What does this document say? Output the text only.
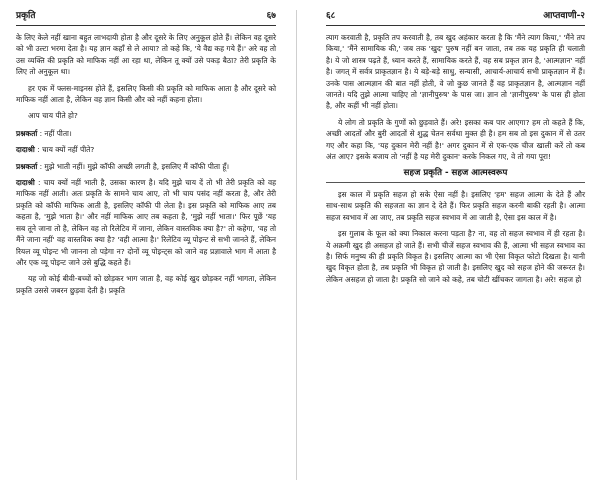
प्रकृति	६७

के लिए केले नहीं खाना बहुत लाभदायी होता है और दूसरे के लिए अनुकूल होते हैं। लेकिन वह दूसरे को भी उल्टा भरमा देता है। यह ज्ञान कहाँ से ले आया? तो कहे कि, 'ये वैद्य कह गये हैं।' अरे वह तो उस व्यक्ति की प्रकृति को माफिक नहीं आ रहा था, लेकिन तू क्यों उसे पकड़ बैठा? तेरी प्रकृति के लिए तो अनुकूल था।

हर एक में फ्लस-माइनस होते हैं, इसलिए किसी की प्रकृति को माफिक आता है और दूसरे को माफिक नहीं आता है, लेकिन वह ज्ञान किसी और को नहीं कहना होता।

आप चाय पीते हो?

प्रश्नकर्ता : नहीं पीता।

दादाश्री : चाय क्यों नहीं पीते?

प्रश्नकर्ता : मुझे भाती नहीं। मुझे कॉफी अच्छी लगती है, इसलिए मैं कॉफी पीता हूँ।

दादाश्री : चाय क्यों नहीं भाती है, उसका कारण है। यदि मुझे चाय दें तो भी तेरी प्रकृति को वह माफिक नहीं आती। अतः प्रकृति के सामने चाय आए, तो भी चाय पसंद नहीं करता है, और तेरी प्रकृति को कॉफी माफिक आती है, इसलिए कॉफी पी लेता है। इस प्रकृति को माफिक आए तब कहता है, 'मुझे भाता है।' और नहीं माफिक आए तब कहता है, 'मुझे नहीं भाता।' फिर पूछें 'यह सब तूने जाना तो है, लेकिन वह तो रिलेटिव में जाना, लेकिन वास्तविक क्या है?' तो कहेगा, 'वह तो मैंने जाना नहीं' वह वास्तविक क्या है? 'वही आत्मा है।' रिलेटिव व्यू पोइन्ट से सभी जानते हैं, लेकिन रियल व्यू पोइन्ट भी जानना तो पड़ेगा न? दोनों व्यू पोइन्ट्स को जाने वह प्रज्ञावाले भाग में आता है और एक व्यू पोइन्ट जाने उसे बुद्धि कहते हैं।

यह जो कोई बीवी-बच्चों को छोड़कर भाग जाता है, वह कोई खुद छोड़कर नहीं भागता, लेकिन प्रकृति उससे जबरन छुड़वा देती है। प्रकृति

६८	आप्तवाणी-२

त्याग करवाती है, प्रकृति तप करवाती है, तब खुद अहंकार करता है कि 'मैंने त्याग किया,' 'मैंने तप किया,' 'मैंने सामायिक की,' जब तक 'खुद' पुरुष नहीं बन जाता, तब तक यह प्रकृति ही चलाती है। ये जो शास्त्र पढ़ते हैं, ध्यान करते हैं, सामायिक करते हैं, वह सब प्रकृत ज्ञान है, 'आत्मज्ञान' नहीं है। जगत् में सर्वत्र प्राकृतज्ञान है। ये बड़े-बड़े साधु, सन्यासी, आचार्य-आचार्य सभी प्राकृतज्ञान में हैं। उनके पास आत्मज्ञान की बात नहीं होती, वे जो कुछ जानते हैं वह प्राकृतज्ञान है, आत्मज्ञान नहीं जानते। यदि तुझे आत्मा चाहिए तो 'ज्ञानीपुरुष' के पास जा। ज्ञान तो 'ज्ञानीपुरुष' के पास ही होता है, और कहीं भी नहीं होता।

ये लोग तो प्रकृति के गुणों को छुड़वाते हैं। अरे! इसका कब पार आएगा? हम तो कहते हैं कि, अच्छी आदतों और बुरी आदतों से शुद्ध चेतन सर्वथा मुक्त ही है। हम सब तो इस दुकान में से उतर गए और कहा कि, 'यह दुकान मेरी नहीं है!' अगर दुकान में से एक-एक चीज खाली करें तो कब अंत आए? इसके बजाय तो 'नहीं है यह मेरी दुकान' करके निकल गए, वे तो गया पूरा!

सहज प्रकृति - सहज आत्मस्वरूप

इस काल में प्रकृति सहज हो सके ऐसा नहीं है। इसलिए 'हम' सहज आत्मा के देते हैं और साथ-साथ प्रकृति की सहजता का ज्ञान दे देते हैं। फिर प्रकृति सहज करनी बाकी रहती है। आत्मा सहज स्वभाव में आ जाए, तब प्रकृति सहज स्वभाव में आ जाती है, ऐसा इस काल में है।

इस गुलाब के फूल को क्या निकाल करना पड़ता है? ना, वह तो सहज स्वभाव में ही रहता है। ये अक्रमी खुद ही असहज हो जाते हैं। सभी चीजें सहज स्वभाव की हैं, आत्मा भी सहज स्वभाव का है। सिर्फ मनुष्य की ही प्रकृति विकृत है। इसलिए आत्मा का भी ऐसा विकृत फोटो दिखता है। यानी खुद विकृत होता है, तब प्रकृति भी विकृत हो जाती है। इसलिए खुद को सहज होने की जरूरत है। लेकिन असहज हो जाता है! प्रकृति सो जाने को कहे, तब चोटी खींचकर जागता है। अरे! सहज हो
